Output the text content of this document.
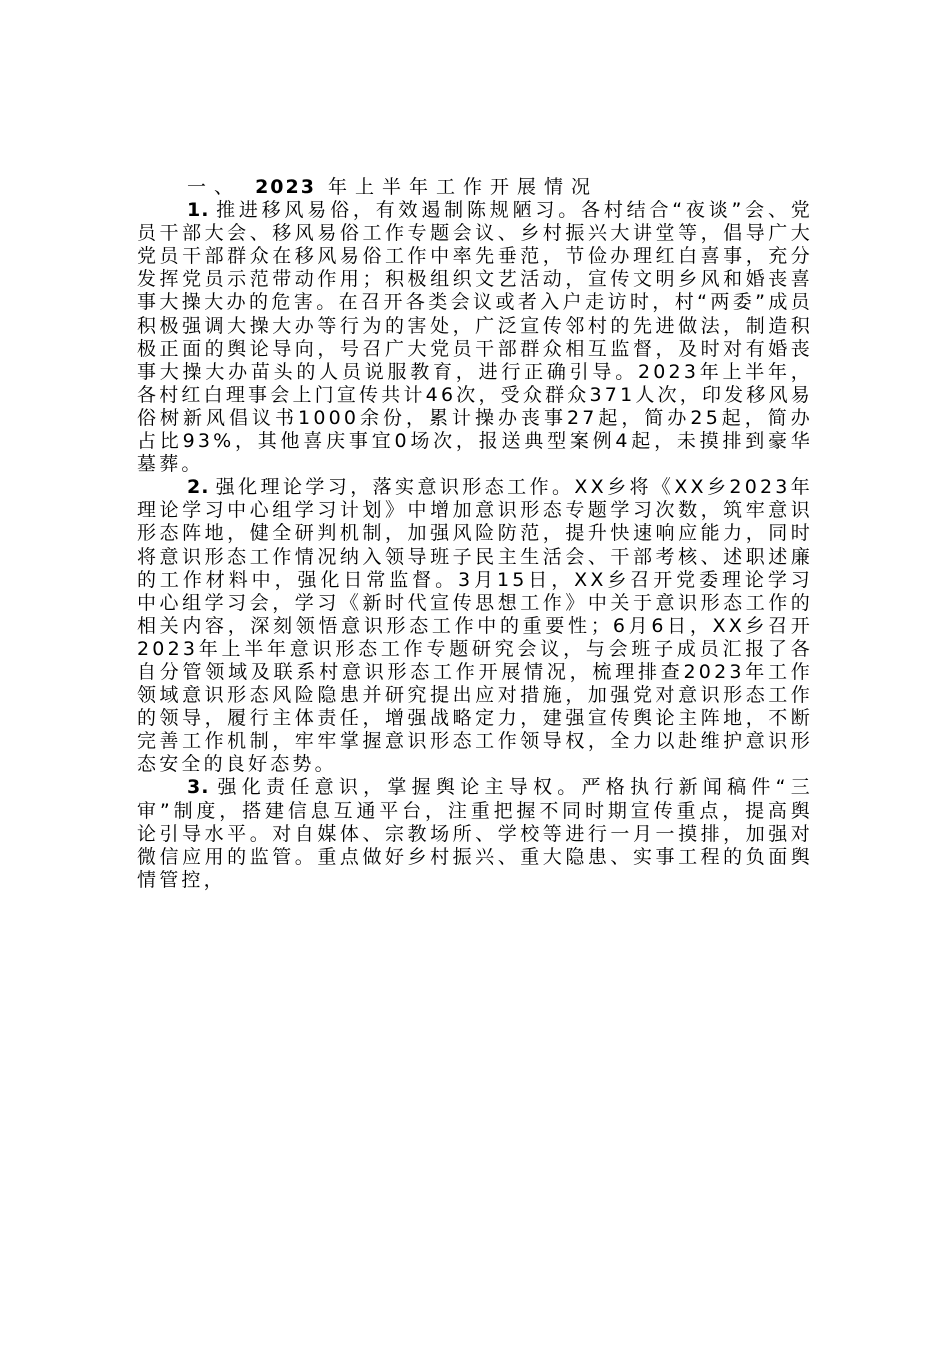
一、 2023 年上半年工作开展情况

1. 推进移风易俗，有效遏制陈规陋习。各村结合“夜谈”会、党员干部大会、移风易俗工作专题会议、乡村振兴大讲堂等，倡导广大党员干部群众在移风易俗工作中率先垂范，节俭办理红白喜事，充分发挥党员示范带动作用；积极组织文艺活动，宣传文明乡风和婚丧喜事大操大办的危害。在召开各类会议或者入户走访时，村“两委”成员积极强调大操大办等行为的害处，广泛宣传邻村的先进做法，制造积极正面的舆论导向，号召广大党员干部群众相互监督，及时对有婚丧事大操大办苗头的人员说服教育，进行正确引导。2023年上半年，各村红白理事会上门宣传共计46次，受众群众371人次，印发移风易俗树新风倡议书1000余份，累计操办丧事27起，简办25起，简办占比93%，其他喜庆事宜0场次，报送典型案例4起，未摸排到豪华墓葬。

2. 强化理论学习，落实意识形态工作。XX乡将《XX乡2023年理论学习中心组学习计划》中增加意识形态专题学习次数，筑牢意识形态阵地，健全研判机制，加强风险防范，提升快速响应能力，同时将意识形态工作情况纳入领导班子民主生活会、干部考核、述职述廉的工作材料中，强化日常监督。3月15日，XX乡召开党委理论学习中心组学习会，学习《新时代宣传思想工作》中关于意识形态工作的相关内容，深刻领悟意识形态工作中的重要性；6月6日，XX乡召开2023年上半年意识形态工作专题研究会议，与会班子成员汇报了各自分管领域及联系村意识形态工作开展情况，梳理排查2023年工作领域意识形态风险隐患并研究提出应对措施，加强党对意识形态工作的领导，履行主体责任，增强战略定力，建强宣传舆论主阵地，不断完善工作机制，牢牢掌握意识形态工作领导权，全力以赴维护意识形态安全的良好态势。

3. 强化责任意识，掌握舆论主导权。严格执行新闻稿件“三审”制度，搭建信息互通平台，注重把握不同时期宣传重点，提高舆论引导水平。对自媒体、宗教场所、学校等进行一月一摸排，加强对微信应用的监管。重点做好乡村振兴、重大隐患、实事工程的负面舆情管控，
